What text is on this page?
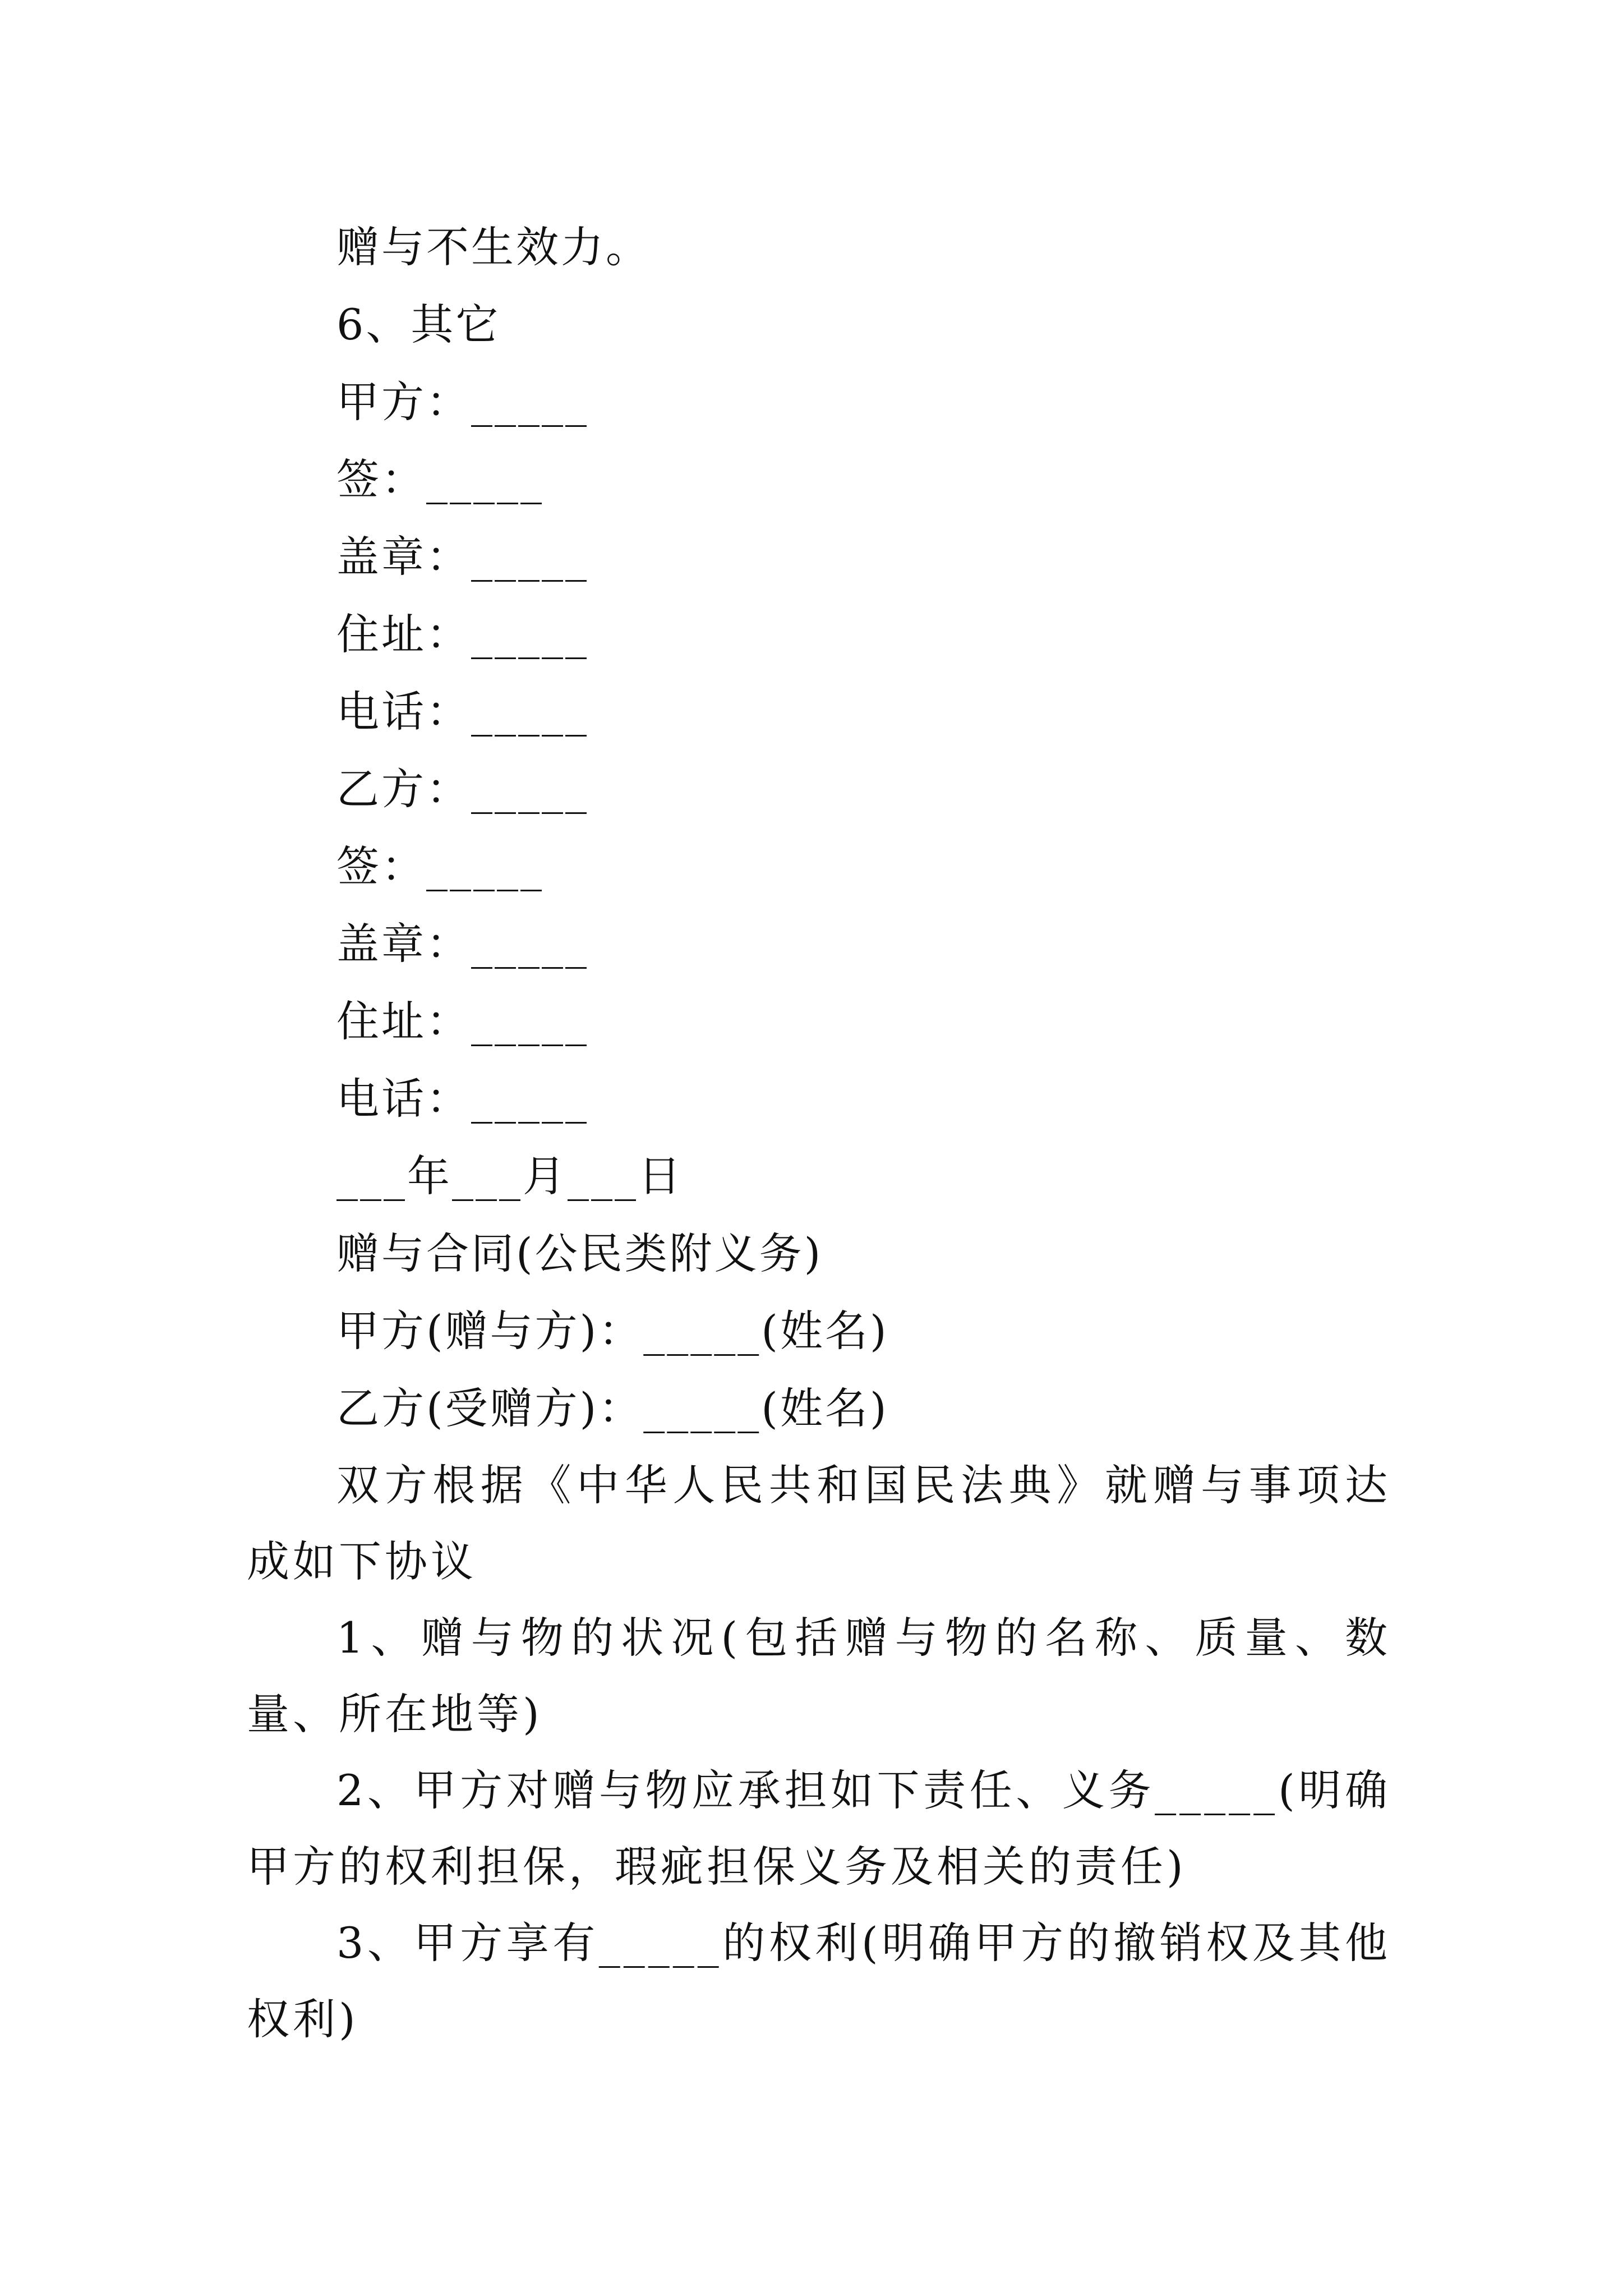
赠与不生效力。
6、其它
甲方：_____
签：_____
盖章：_____
住址：_____
电话：_____
乙方：_____
签：_____
盖章：_____
住址：_____
电话：_____
___年___月___日
赠与合同(公民类附义务)
甲方(赠与方)：_____(姓名)
乙方(受赠方)：_____(姓名)

双方根据《中华人民共和国民法典》就赠与事项达成如下协议

1、赠与物的状况(包括赠与物的名称、质量、数量、所在地等)

2、甲方对赠与物应承担如下责任、义务_____(明确甲方的权利担保，瑕疵担保义务及相关的责任)

3、甲方享有_____的权利(明确甲方的撤销权及其他权利)
